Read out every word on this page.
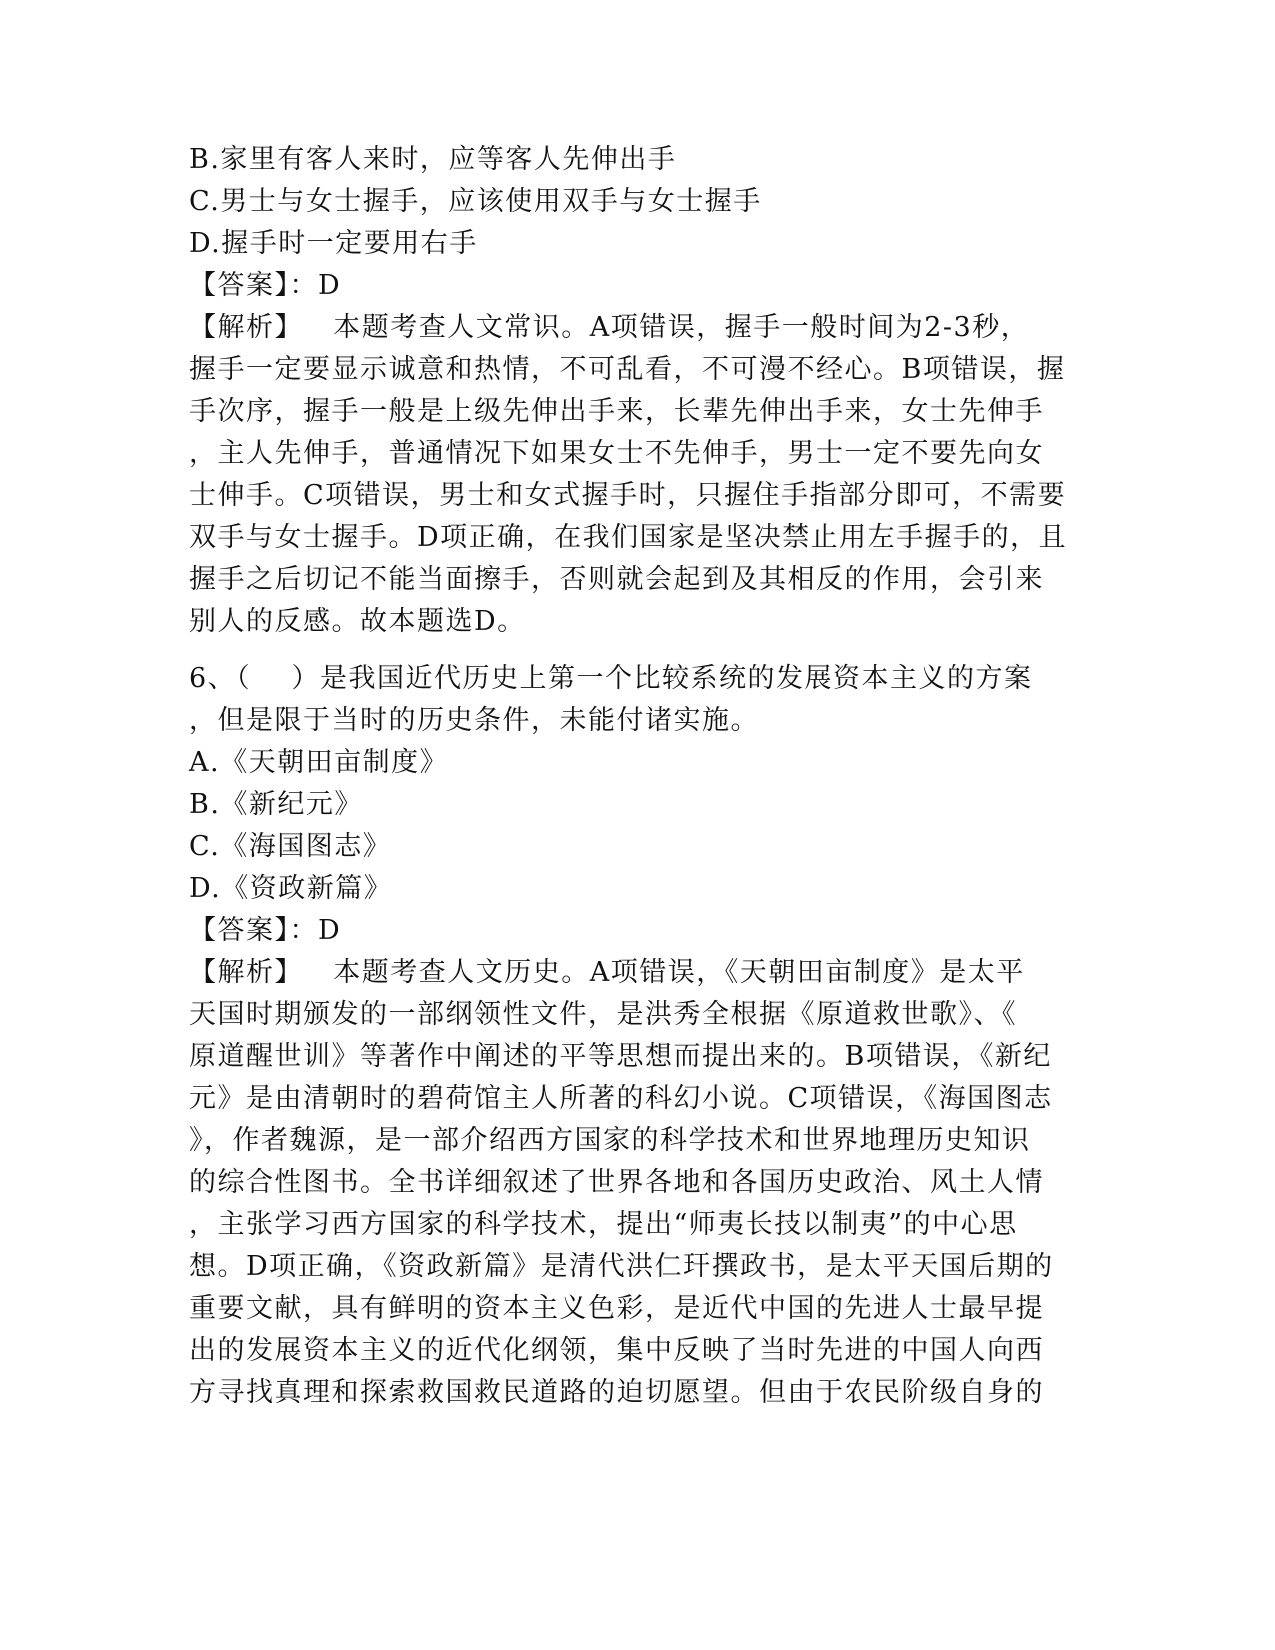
B.家里有客人来时，应等客人先伸出手
C.男士与女士握手，应该使用双手与女士握手
D.握手时一定要用右手
【答案】：D
【解析】   本题考查人文常识。A项错误，握手一般时间为2-3秒，
握手一定要显示诚意和热情，不可乱看，不可漫不经心。B项错误，握
手次序，握手一般是上级先伸出手来，长辈先伸出手来，女士先伸手
，主人先伸手，普通情况下如果女士不先伸手，男士一定不要先向女
士伸手。C项错误，男士和女式握手时，只握住手指部分即可，不需要
双手与女士握手。D项正确，在我们国家是坚决禁止用左手握手的，且
握手之后切记不能当面擦手，否则就会起到及其相反的作用，会引来
别人的反感。故本题选D。
6、（    ）是我国近代历史上第一个比较系统的发展资本主义的方案
，但是限于当时的历史条件，未能付诸实施。
A.《天朝田亩制度》
B.《新纪元》
C.《海国图志》
D.《资政新篇》
【答案】：D
【解析】   本题考查人文历史。A项错误，《天朝田亩制度》是太平
天国时期颁发的一部纲领性文件，是洪秀全根据《原道救世歌》、《
原道醒世训》等著作中阐述的平等思想而提出来的。B项错误，《新纪
元》是由清朝时的碧荷馆主人所著的科幻小说。C项错误，《海国图志
》，作者魏源，是一部介绍西方国家的科学技术和世界地理历史知识
的综合性图书。全书详细叙述了世界各地和各国历史政治、风土人情
，主张学习西方国家的科学技术，提出“师夷长技以制夷”的中心思
想。D项正确，《资政新篇》是清代洪仁玕撰政书，是太平天国后期的
重要文献，具有鲜明的资本主义色彩，是近代中国的先进人士最早提
出的发展资本主义的近代化纲领，集中反映了当时先进的中国人向西
方寻找真理和探索救国救民道路的迫切愿望。但由于农民阶级自身的
